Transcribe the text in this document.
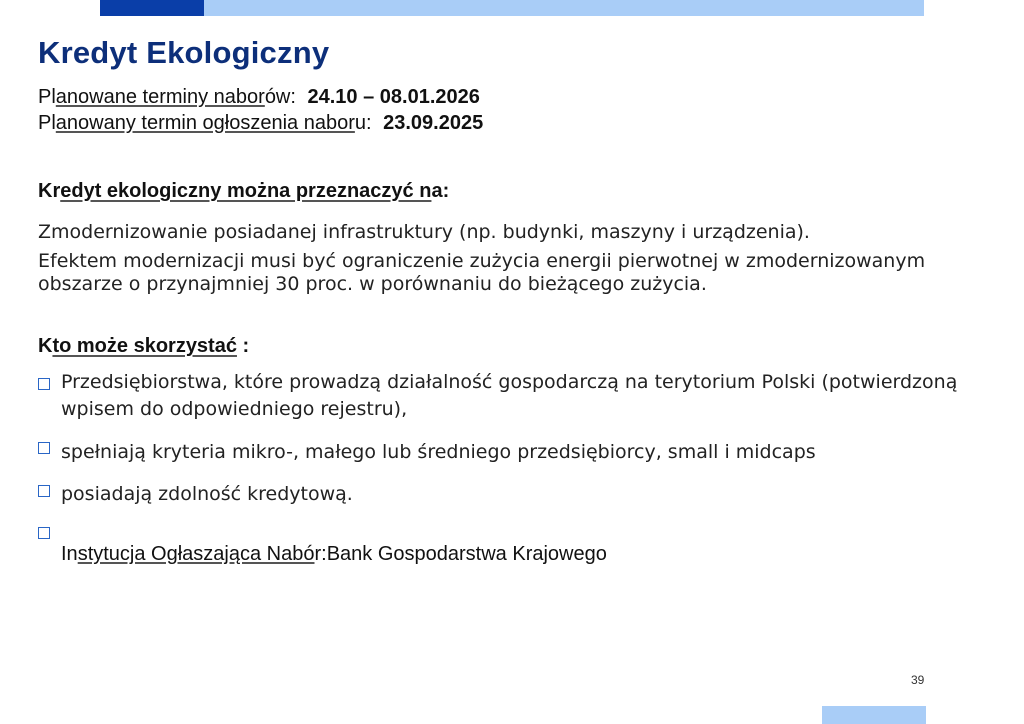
Kredyt Ekologiczny
Planowane terminy naborów: 24.10 – 08.01.2026
Planowany termin ogłoszenia naboru: 23.09.2025
Kredyt ekologiczny można przeznaczyć na:
Zmodernizowanie posiadanej infrastruktury (np. budynki, maszyny i urządzenia).
Efektem modernizacji musi być ograniczenie zużycia energii pierwotnej w zmodernizowanym obszarze o przynajmniej 30 proc. w porównaniu do bieżącego zużycia.
Kto może skorzystać :
Przedsiębiorstwa, które prowadzą działalność gospodarczą na terytorium Polski (potwierdzoną wpisem do odpowiedniego rejestru),
spełniają kryteria mikro-, małego lub średniego przedsiębiorcy, small i midcaps
posiadają zdolność kredytową.
Instytucja Ogłaszająca Nabór:Bank Gospodarstwa Krajowego
39
